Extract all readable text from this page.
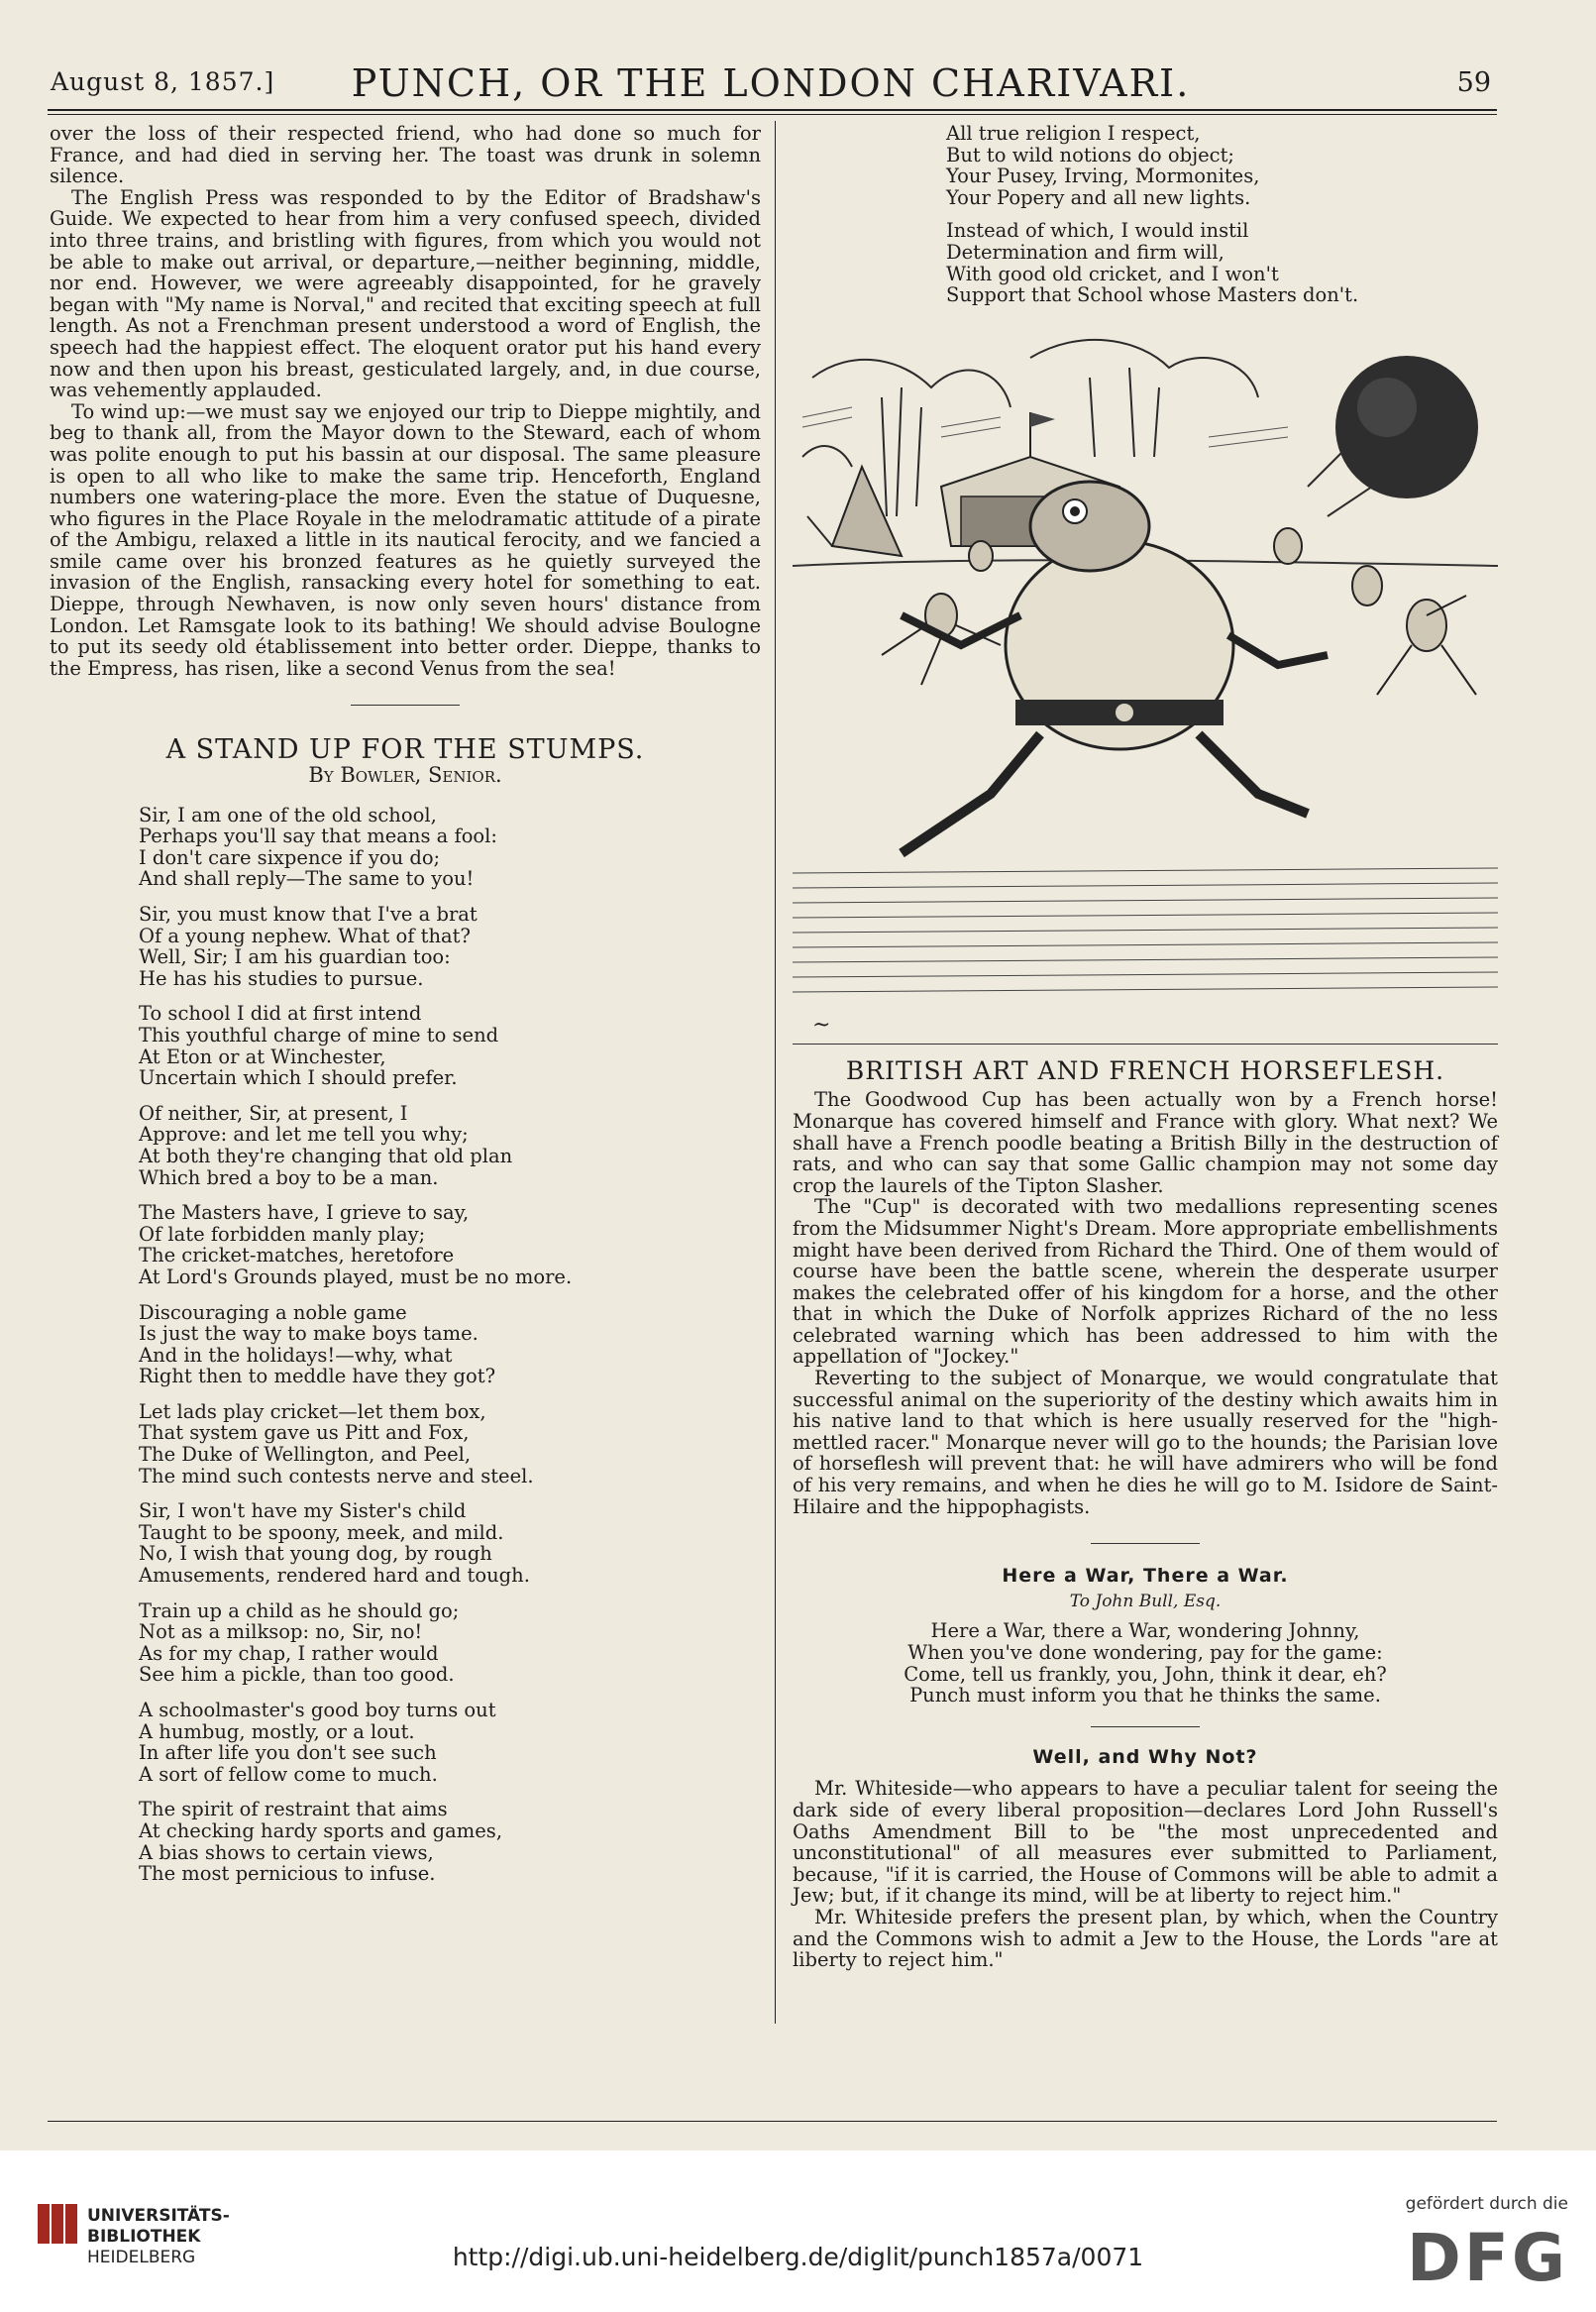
August 8, 1857.]	PUNCH, OR THE LONDON CHARIVARI.	59

over the loss of their respected friend, who had done so much for France, and had died in serving her. The toast was drunk in solemn silence.

The English Press was responded to by the Editor of Bradshaw's Guide. We expected to hear from him a very confused speech, divided into three trains, and bristling with figures, from which you would not be able to make out arrival, or departure,—neither beginning, middle, nor end. However, we were agreeably disappointed, for he gravely began with "My name is Norval," and recited that exciting speech at full length. As not a Frenchman present understood a word of English, the speech had the happiest effect. The eloquent orator put his hand every now and then upon his breast, gesticulated largely, and, in due course, was vehemently applauded.

To wind up:—we must say we enjoyed our trip to Dieppe mightily, and beg to thank all, from the Mayor down to the Steward, each of whom was polite enough to put his bassin at our disposal. The same pleasure is open to all who like to make the same trip. Henceforth, England numbers one watering-place the more. Even the statue of Duquesne, who figures in the Place Royale in the melodramatic attitude of a pirate of the Ambigu, relaxed a little in its nautical ferocity, and we fancied a smile came over his bronzed features as he quietly surveyed the invasion of the English, ransacking every hotel for something to eat. Dieppe, through Newhaven, is now only seven hours' distance from London. Let Ramsgate look to its bathing! We should advise Boulogne to put its seedy old établissement into better order. Dieppe, thanks to the Empress, has risen, like a second Venus from the sea!

A STAND UP FOR THE STUMPS.
By Bowler, Senior.
Sir, I am one of the old school,
Perhaps you'll say that means a fool:
I don't care sixpence if you do;
And shall reply—The same to you!
Sir, you must know that I've a brat
Of a young nephew. What of that?
Well, Sir; I am his guardian too:
He has his studies to pursue.
To school I did at first intend
This youthful charge of mine to send
At Eton or at Winchester,
Uncertain which I should prefer.
Of neither, Sir, at present, I
Approve: and let me tell you why;
At both they're changing that old plan
Which bred a boy to be a man.
The Masters have, I grieve to say,
Of late forbidden manly play;
The cricket-matches, heretofore
At Lord's Grounds played, must be no more.
Discouraging a noble game
Is just the way to make boys tame.
And in the holidays!—why, what
Right then to meddle have they got?
Let lads play cricket—let them box,
That system gave us Pitt and Fox,
The Duke of Wellington, and Peel,
The mind such contests nerve and steel.
Sir, I won't have my Sister's child
Taught to be spoony, meek, and mild.
No, I wish that young dog, by rough
Amusements, rendered hard and tough.
Train up a child as he should go;
Not as a milksop: no, Sir, no!
As for my chap, I rather would
See him a pickle, than too good.
A schoolmaster's good boy turns out
A humbug, mostly, or a lout.
In after life you don't see such
A sort of fellow come to much.
The spirit of restraint that aims
At checking hardy sports and games,
A bias shows to certain views,
The most pernicious to infuse.
All true religion I respect,
But to wild notions do object;
Your Pusey, Irving, Mormonites,
Your Popery and all new lights.
Instead of which, I would instil
Determination and firm will,
With good old cricket, and I won't
Support that School whose Masters don't.
~
BRITISH ART AND FRENCH HORSEFLESH.

The Goodwood Cup has been actually won by a French horse! Monarque has covered himself and France with glory. What next? We shall have a French poodle beating a British Billy in the destruction of rats, and who can say that some Gallic champion may not some day crop the laurels of the Tipton Slasher.

The "Cup" is decorated with two medallions representing scenes from the Midsummer Night's Dream. More appropriate embellishments might have been derived from Richard the Third. One of them would of course have been the battle scene, wherein the desperate usurper makes the celebrated offer of his kingdom for a horse, and the other that in which the Duke of Norfolk apprizes Richard of the no less celebrated warning which has been addressed to him with the appellation of "Jockey."

Reverting to the subject of Monarque, we would congratulate that successful animal on the superiority of the destiny which awaits him in his native land to that which is here usually reserved for the "high-mettled racer." Monarque never will go to the hounds; the Parisian love of horseflesh will prevent that: he will have admirers who will be fond of his very remains, and when he dies he will go to M. Isidore de Saint-Hilaire and the hippophagists.

Here a War, There a War.
To John Bull, Esq.
Here a War, there a War, wondering Johnny,
When you've done wondering, pay for the game:
Come, tell us frankly, you, John, think it dear, eh?
Punch must inform you that he thinks the same.
Well, and Why Not?

Mr. Whiteside—who appears to have a peculiar talent for seeing the dark side of every liberal proposition—declares Lord John Russell's Oaths Amendment Bill to be "the most unprecedented and unconstitutional" of all measures ever submitted to Parliament, because, "if it is carried, the House of Commons will be able to admit a Jew; but, if it change its mind, will be at liberty to reject him."

Mr. Whiteside prefers the present plan, by which, when the Country and the Commons wish to admit a Jew to the House, the Lords "are at liberty to reject him."

UNIVERSITÄTS-
BIBLIOTHEK
HEIDELBERG	http://digi.ub.uni-heidelberg.de/diglit/punch1857a/0071
gefördert durch die
DFG
